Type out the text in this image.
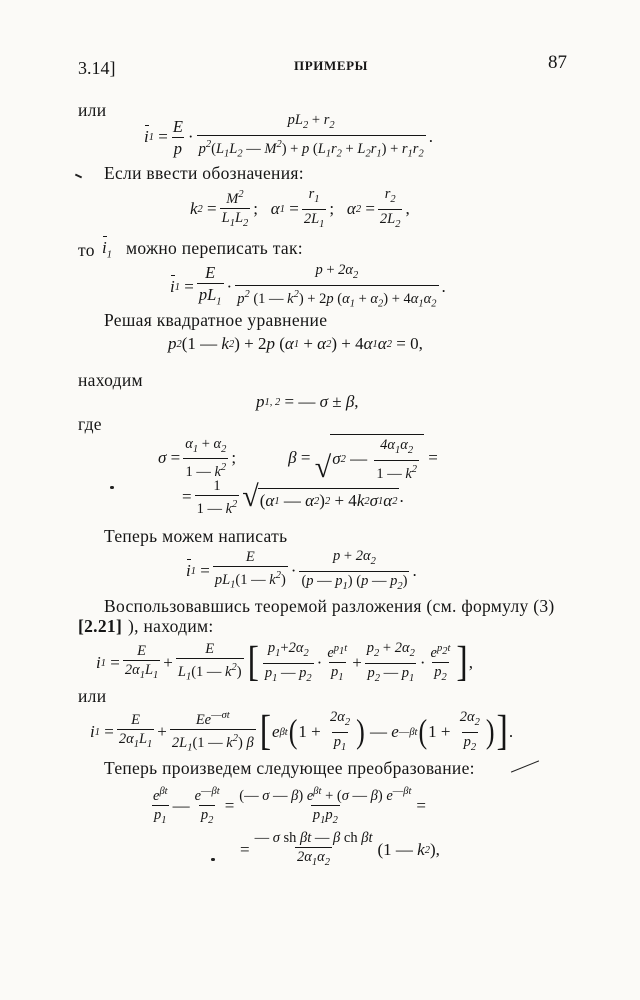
3.14]	ПРИМЕРЫ	87
или
i 1
= $\frac{E}{p} \cdot \frac{pL_2 + r_2}{p^2(L_1L_2 — M^2) + p (L_1r_2 + L_2r_1) + r_1r_2}$ .
Если ввести обозначения:
k 2
= $\frac{M^2}{L_1L_2}$ ; α 1
= $\frac{r_1}{2L_1}$ ; α 2
= $\frac{r_2}{2L_2}$ ,
то $i_1$ можно переписать так:
i 1
= $\frac{E}{pL_1} \cdot \frac{p + 2\alpha_2}{p^2 (1 — k^2) + 2p (\alpha_1 + \alpha_2) + 4\alpha_1\alpha_2}$ .
Решая квадратное уравнение
p 2 (1 — k 2 ) + 2 p ( α 1
+ α 2 ) + 4 α 1 α 2
= 0,
находим
p 1, 2
= — σ ± β ,
где
$\sigma = \frac{\alpha_1 + \alpha_2}{1 — k^2}$ ;	β =
√ σ 2
—
$\frac{4\alpha_1\alpha_2}{1 — k^2}$
=
= $\frac{1}{1 — k^2}$ √ ( α 1
— α 2 ) 2
+ 4 k 2 σ 1 α 2 .
Теперь можем написать
i 1
= $\frac{E}{pL_1(1 — k^2)} \cdot \frac{p + 2\alpha_2}{(p — p_1) (p — p_2)}$ .
Воспользовавшись теоремой разложения (см. формулу (3)
[2.21] ), находим:
i 1
= $\frac{E}{2\alpha_1L_1} + \frac{E}{L_1(1 — k^2)}$ [ $\frac{p_1+2\alpha_2}{p_1 — p_2} \cdot \frac{e^{p_1t}}{p_1} + \frac{p_2 + 2\alpha_2}{p_2 — p_1} \cdot \frac{e^{p_2t}}{p_2}$ ] ,
или
i 1
= $\frac{E}{2\alpha_1L_1} + \frac{Ee^{—\sigma t}}{2L_1(1 — k^2) \beta}$ [ e βt ( 1 +
$\frac{2\alpha_2}{p_1}$ )
— e —βt ( 1 +
$\frac{2\alpha_2}{p_2}$ ) ] .
Теперь произведем следующее преобразование:
$\frac{e^{\beta t}}{p_1}$ — $\frac{e^{—\beta t}}{p_2} = \frac{(— \sigma — \beta) e^{\beta t} + (\sigma — \beta) e^{—\beta t}}{p_1p_2}$ =
= $\frac{\text{— σ sh βt — β ch βt}}{2\alpha_1\alpha_2} (1$ — k 2 ),
